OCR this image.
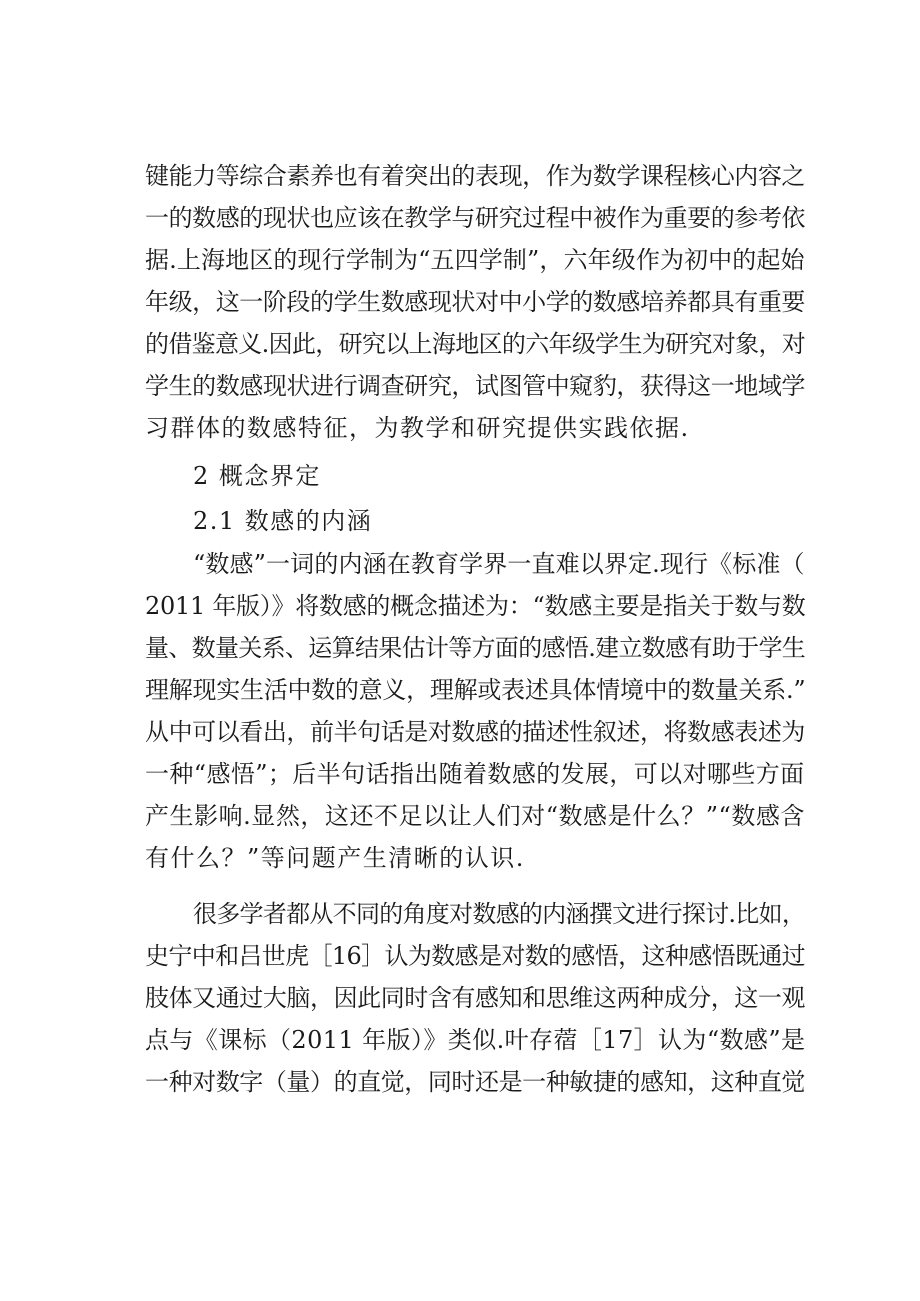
键能力等综合素养也有着突出的表现，作为数学课程核心内容之
一的数感的现状也应该在教学与研究过程中被作为重要的参考依
据.上海地区的现行学制为“五四学制”，六年级作为初中的起始
年级，这一阶段的学生数感现状对中小学的数感培养都具有重要
的借鉴意义.因此，研究以上海地区的六年级学生为研究对象，对
学生的数感现状进行调查研究，试图管中窥豹，获得这一地域学
习群体的数感特征，为教学和研究提供实践依据.
2 概念界定
2.1 数感的内涵
“数感”一词的内涵在教育学界一直难以界定.现行《标准（
2011 年版）》将数感的概念描述为：“数感主要是指关于数与数
量、数量关系、运算结果估计等方面的感悟.建立数感有助于学生
理解现实生活中数的意义，理解或表述具体情境中的数量关系.”
从中可以看出，前半句话是对数感的描述性叙述，将数感表述为
一种“感悟”；后半句话指出随着数感的发展，可以对哪些方面
产生影响.显然，这还不足以让人们对“数感是什么？”“数感含
有什么？”等问题产生清晰的认识.
很多学者都从不同的角度对数感的内涵撰文进行探讨.比如，
史宁中和吕世虎［16］认为数感是对数的感悟，这种感悟既通过
肢体又通过大脑，因此同时含有感知和思维这两种成分，这一观
点与《课标（2011 年版）》类似.叶存蓿［17］认为“数感”是
一种对数字（量）的直觉，同时还是一种敏捷的感知，这种直觉
